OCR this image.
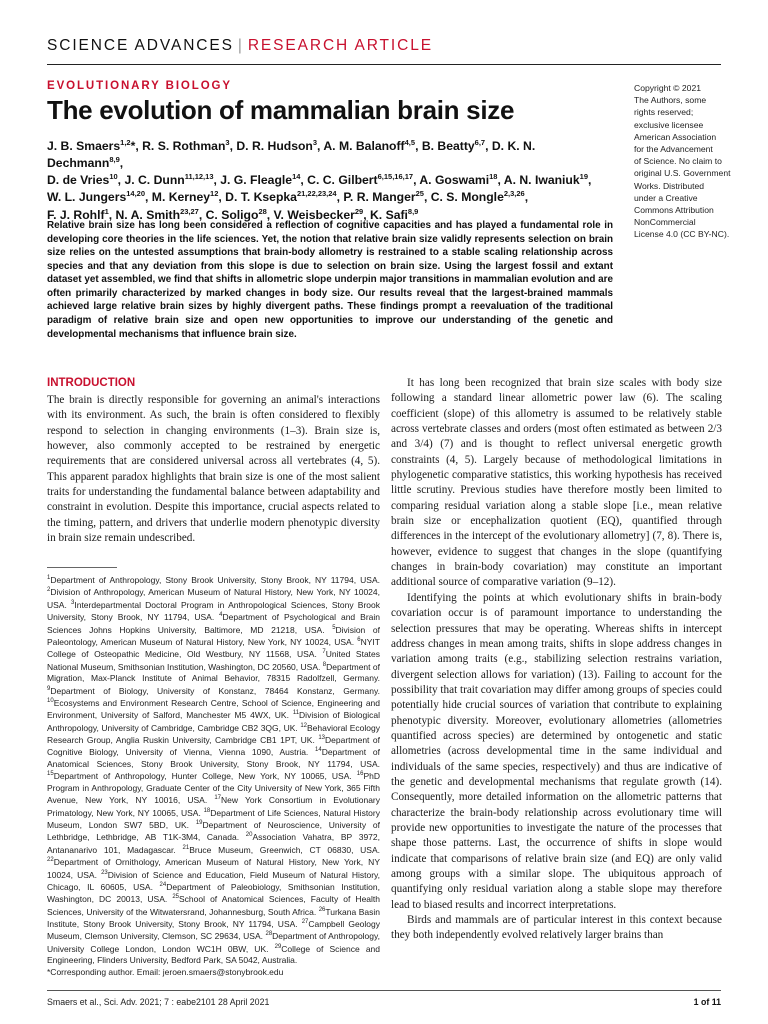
SCIENCE ADVANCES | RESEARCH ARTICLE
EVOLUTIONARY BIOLOGY
The evolution of mammalian brain size
J. B. Smaers$^{1,2}$*, R. S. Rothman$^3$, D. R. Hudson$^3$, A. M. Balanoff$^{4,5}$, B. Beatty$^{6,7}$, D. K. N. Dechmann$^{8,9}$,
D. de Vries$^{10}$, J. C. Dunn$^{11,12,13}$, J. G. Fleagle$^{14}$, C. C. Gilbert$^{6,15,16,17}$, A. Goswami$^{18}$, A. N. Iwaniuk$^{19}$,
W. L. Jungers$^{14,20}$, M. Kerney$^{12}$, D. T. Ksepka$^{21,22,23,24}$, P. R. Manger$^{25}$, C. S. Mongle$^{2,3,26}$,
F. J. Rohlf$^1$, N. A. Smith$^{23,27}$, C. Soligo$^{28}$, V. Weisbecker$^{29}$, K. Safi$^{8,9}$
Copyright © 2021
The Authors, some
rights reserved;
exclusive licensee
American Association
for the Advancement
of Science. No claim to
original U.S. Government
Works. Distributed
under a Creative
Commons Attribution
NonCommercial
License 4.0 (CC BY-NC).

Relative brain size has long been considered a reflection of cognitive capacities and has played a fundamental role in developing core theories in the life sciences. Yet, the notion that relative brain size validly represents selection on brain size relies on the untested assumptions that brain-body allometry is restrained to a stable scaling relationship across species and that any deviation from this slope is due to selection on brain size. Using the largest fossil and extant dataset yet assembled, we find that shifts in allometric slope underpin major transitions in mammalian evolution and are often primarily characterized by marked changes in body size. Our results reveal that the largest-brained mammals achieved large relative brain sizes by highly divergent paths. These findings prompt a reevaluation of the traditional paradigm of relative brain size and open new opportunities to improve our understanding of the genetic and developmental mechanisms that influence brain size.

INTRODUCTION

The brain is directly responsible for governing an animal's interactions with its environment. As such, the brain is often considered to flexibly respond to selection in changing environments (1–3). Brain size is, however, also commonly accepted to be restrained by energetic requirements that are considered universal across all vertebrates (4, 5). This apparent paradox highlights that brain size is one of the most salient traits for understanding the fundamental balance between adaptability and constraint in evolution. Despite this importance, crucial aspects related to the timing, pattern, and drivers that underlie modern phenotypic diversity in brain size remain undescribed.

$^1$Department of Anthropology, Stony Brook University, Stony Brook, NY 11794, USA. $^2$Division of Anthropology, American Museum of Natural History, New York, NY 10024, USA. $^3$Interdepartmental Doctoral Program in Anthropological Sciences, Stony Brook University, Stony Brook, NY 11794, USA. $^4$Department of Psychological and Brain Sciences Johns Hopkins University, Baltimore, MD 21218, USA. $^5$Division of Paleontology, American Museum of Natural History, New York, NY 10024, USA. $^6$NYIT College of Osteopathic Medicine, Old Westbury, NY 11568, USA. $^7$United States National Museum, Smithsonian Institution, Washington, DC 20560, USA. $^8$Department of Migration, Max-Planck Institute of Animal Behavior, 78315 Radolfzell, Germany. $^9$Department of Biology, University of Konstanz, 78464 Konstanz, Germany. $^{10}$Ecosystems and Environment Research Centre, School of Science, Engineering and Environment, University of Salford, Manchester M5 4WX, UK. $^{11}$Division of Biological Anthropology, University of Cambridge, Cambridge CB2 3QG, UK. $^{12}$Behavioral Ecology Research Group, Anglia Ruskin University, Cambridge CB1 1PT, UK. $^{13}$Department of Cognitive Biology, University of Vienna, Vienna 1090, Austria. $^{14}$Department of Anatomical Sciences, Stony Brook University, Stony Brook, NY 11794, USA. $^{15}$Department of Anthropology, Hunter College, New York, NY 10065, USA. $^{16}$PhD Program in Anthropology, Graduate Center of the City University of New York, 365 Fifth Avenue, New York, NY 10016, USA. $^{17}$New York Consortium in Evolutionary Primatology, New York, NY 10065, USA. $^{18}$Department of Life Sciences, Natural History Museum, London SW7 5BD, UK. $^{19}$Department of Neuroscience, University of Lethbridge, Lethbridge, AB T1K-3M4, Canada. $^{20}$Association Vahatra, BP 3972, Antananarivo 101, Madagascar. $^{21}$Bruce Museum, Greenwich, CT 06830, USA. $^{22}$Department of Ornithology, American Museum of Natural History, New York, NY 10024, USA. $^{23}$Division of Science and Education, Field Museum of Natural History, Chicago, IL 60605, USA. $^{24}$Department of Paleobiology, Smithsonian Institution, Washington, DC 20013, USA. $^{25}$School of Anatomical Sciences, Faculty of Health Sciences, University of the Witwatersrand, Johannesburg, South Africa. $^{26}$Turkana Basin Institute, Stony Brook University, Stony Brook, NY 11794, USA. $^{27}$Campbell Geology Museum, Clemson University, Clemson, SC 29634, USA. $^{28}$Department of Anthropology, University College London, London WC1H 0BW, UK. $^{29}$College of Science and Engineering, Flinders University, Bedford Park, SA 5042, Australia.
*Corresponding author. Email: jeroen.smaers@stonybrook.edu

It has long been recognized that brain size scales with body size following a standard linear allometric power law (6). The scaling coefficient (slope) of this allometry is assumed to be relatively stable across vertebrate classes and orders (most often estimated as between 2/3 and 3/4) (7) and is thought to reflect universal energetic growth constraints (4, 5). Largely because of methodological limitations in phylogenetic comparative statistics, this working hypothesis has received little scrutiny. Previous studies have therefore mostly been limited to comparing residual variation along a stable slope [i.e., mean relative brain size or encephalization quotient (EQ), quantified through differences in the intercept of the evolutionary allometry] (7, 8). There is, however, evidence to suggest that changes in the slope (quantifying changes in brain-body covariation) may constitute an important additional source of comparative variation (9–12).

Identifying the points at which evolutionary shifts in brain-body covariation occur is of paramount importance to understanding the selection pressures that may be operating. Whereas shifts in intercept address changes in mean among traits, shifts in slope address changes in variation among traits (e.g., stabilizing selection restrains variation, divergent selection allows for variation) (13). Failing to account for the possibility that trait covariation may differ among groups of species could potentially hide crucial sources of variation that contribute to explaining phenotypic diversity. Moreover, evolutionary allometries (allometries quantified across species) are determined by ontogenetic and static allometries (across developmental time in the same individual and individuals of the same species, respectively) and thus are indicative of the genetic and developmental mechanisms that regulate growth (14). Consequently, more detailed information on the allometric patterns that characterize the brain-body relationship across evolutionary time will provide new opportunities to investigate the nature of the processes that shape those patterns. Last, the occurrence of shifts in slope would indicate that comparisons of relative brain size (and EQ) are only valid among groups with a similar slope. The ubiquitous approach of quantifying only residual variation along a stable slope may therefore lead to biased results and incorrect interpretations.

Birds and mammals are of particular interest in this context because they both independently evolved relatively larger brains than

Smaers et al., Sci. Adv. 2021; 7 : eabe2101 28 April 2021	1 of 11
